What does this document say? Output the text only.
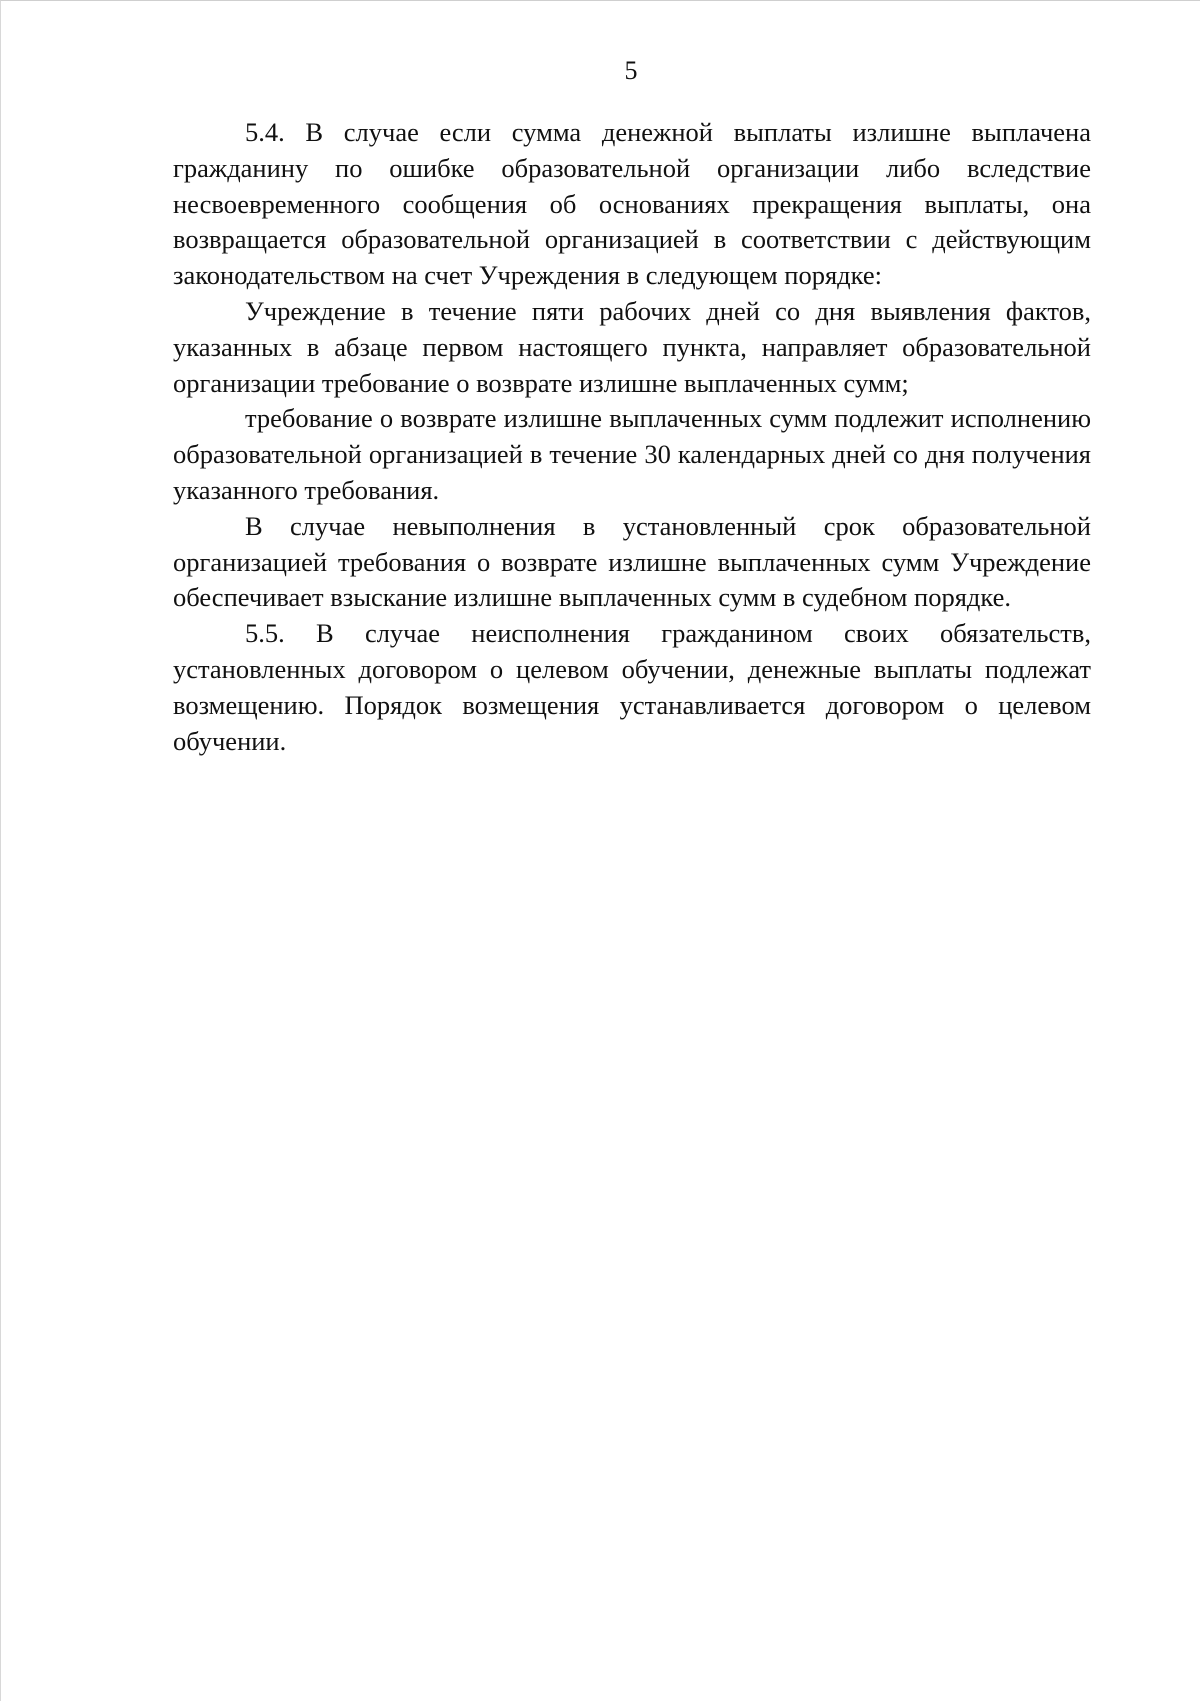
5

5.4. В случае если сумма денежной выплаты излишне выплачена гражданину по ошибке образовательной организации либо вследствие несвоевременного сообщения об основаниях прекращения выплаты, она возвращается образовательной организацией в соответствии с действующим законодательством на счет Учреждения в следующем порядке:

Учреждение в течение пяти рабочих дней со дня выявления фактов, указанных в абзаце первом настоящего пункта, направляет образовательной организации требование о возврате излишне выплаченных сумм;

требование о возврате излишне выплаченных сумм подлежит исполнению образовательной организацией в течение 30 календарных дней со дня получения указанного требования.

В случае невыполнения в установленный срок образовательной организацией требования о возврате излишне выплаченных сумм Учреждение обеспечивает взыскание излишне выплаченных сумм в судебном порядке.

5.5. В случае неисполнения гражданином своих обязательств, установленных договором о целевом обучении, денежные выплаты подлежат возмещению. Порядок возмещения устанавливается договором о целевом обучении.
